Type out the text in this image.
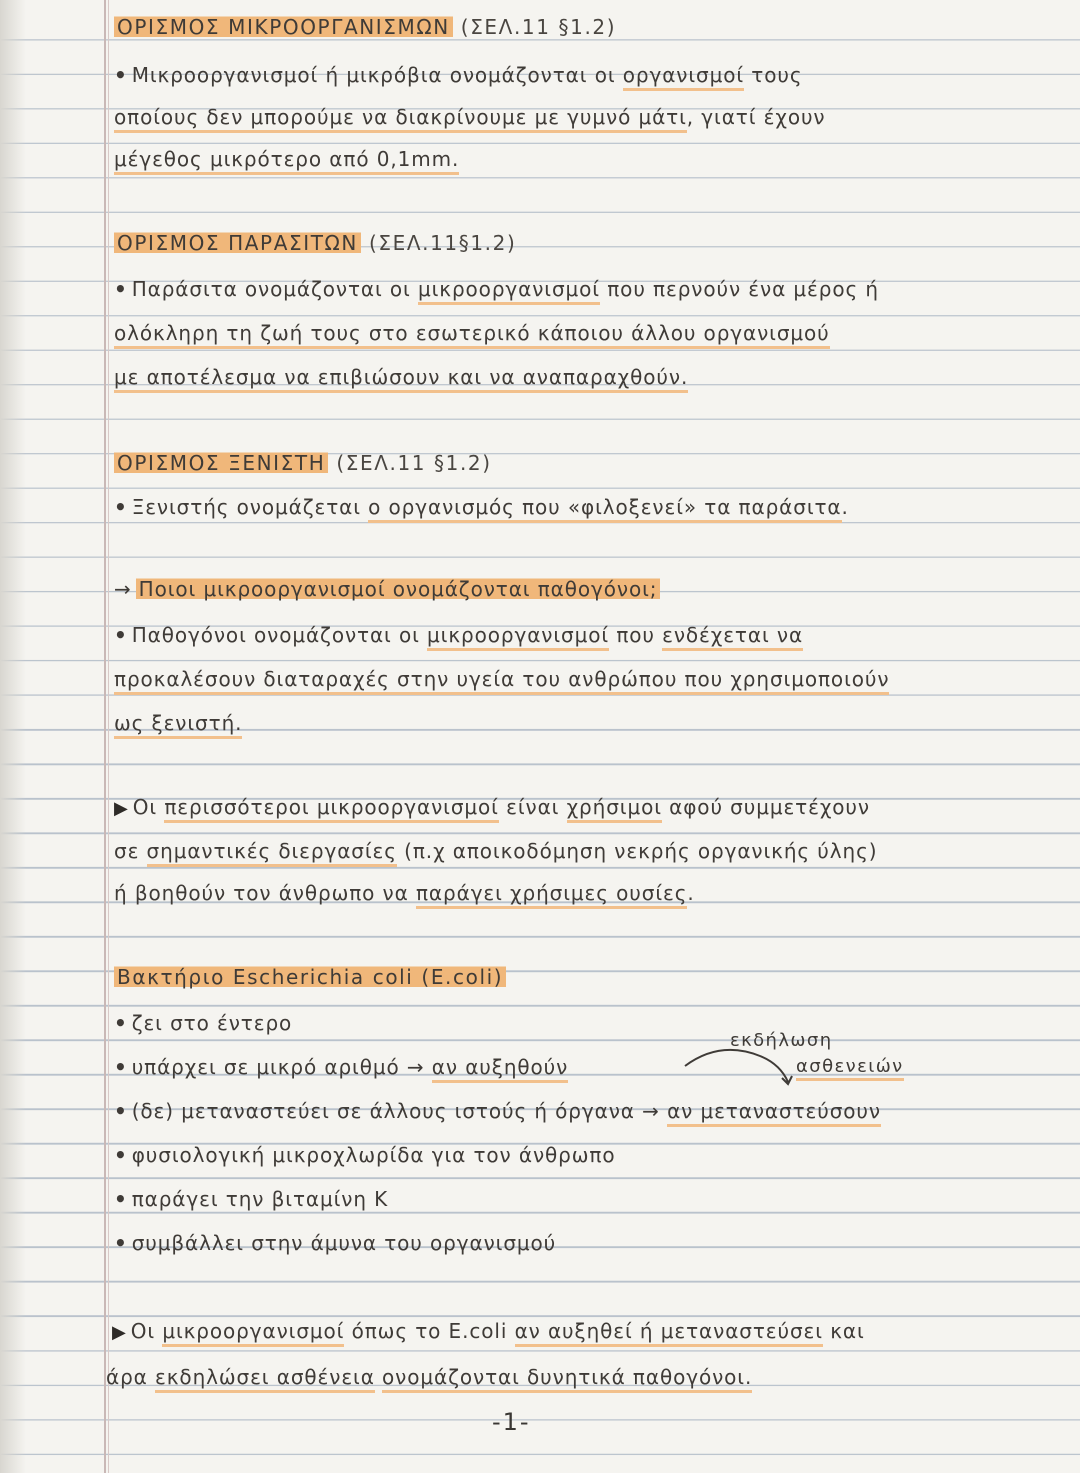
ΟΡΙΣΜΟΣ ΜΙΚΡΟΟΡΓΑΝΙΣΜΩΝ (ΣΕΛ.11 §1.2)
• Μικροοργανισμοί ή μικρόβια ονομάζονται οι οργανισμοί τους
οποίους δεν μπορούμε να διακρίνουμε με γυμνό μάτι, γιατί έχουν
μέγεθος μικρότερο από 0,1mm.
ΟΡΙΣΜΟΣ ΠΑΡΑΣΙΤΩΝ (ΣΕΛ.11§1.2)
• Παράσιτα ονομάζονται οι μικροοργανισμοί που περνούν ένα μέρος ή
ολόκληρη τη ζωή τους στο εσωτερικό κάποιου άλλου οργανισμού
με αποτέλεσμα να επιβιώσουν και να αναπαραχθούν.
ΟΡΙΣΜΟΣ ΞΕΝΙΣΤΗ (ΣΕΛ.11 §1.2)
• Ξενιστής ονομάζεται ο οργανισμός που «φιλοξενεί» τα παράσιτα.
→ Ποιοι μικροοργανισμοί ονομάζονται παθογόνοι;
• Παθογόνοι ονομάζονται οι μικροοργανισμοί που ενδέχεται να
προκαλέσουν διαταραχές στην υγεία του ανθρώπου που χρησιμοποιούν
ως ξενιστή.
▶ Οι περισσότεροι μικροοργανισμοί είναι χρήσιμοι αφού συμμετέχουν
σε σημαντικές διεργασίες (π.χ αποικοδόμηση νεκρής οργανικής ύλης)
ή βοηθούν τον άνθρωπο να παράγει χρήσιμες ουσίες.
Βακτήριο Escherichia coli (E.coli)
• ζει στο έντερο
εκδήλωση
• υπάρχει σε μικρό αριθμό → αν αυξηθούν	ασθενειών
• (δε) μεταναστεύει σε άλλους ιστούς ή όργανα → αν μεταναστεύσουν
• φυσιολογική μικροχλωρίδα για τον άνθρωπο
• παράγει την βιταμίνη Κ
• συμβάλλει στην άμυνα του οργανισμού
▶ Οι μικροοργανισμοί όπως το E.coli αν αυξηθεί ή μεταναστεύσει και
άρα εκδηλώσει ασθένεια ονομάζονται δυνητικά παθογόνοι.
-1-
